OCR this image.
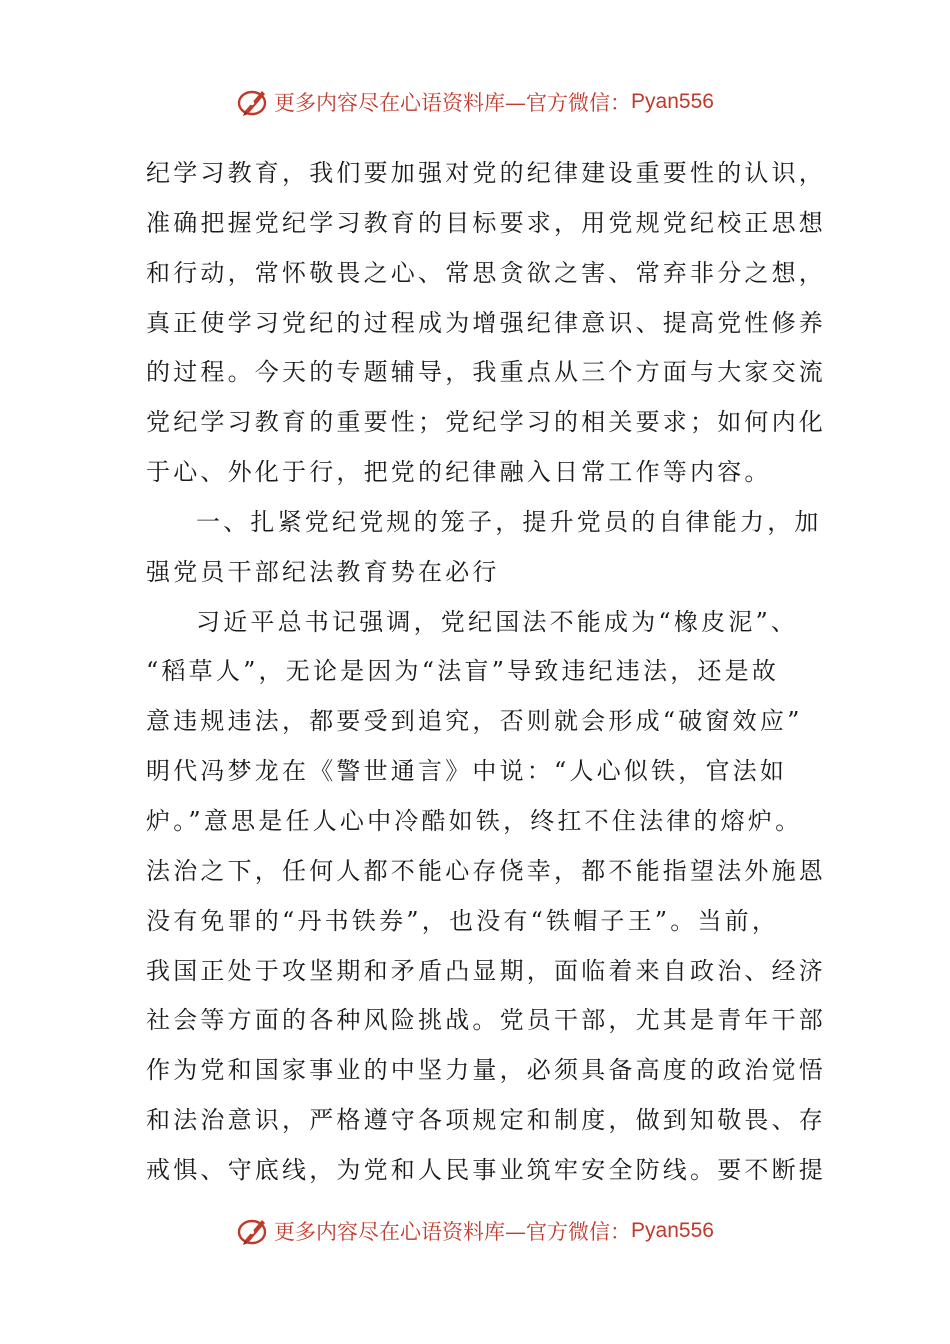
更多内容尽在心语资料库—官方微信： Pyan556
纪学习教育，我们要加强对党的纪律建设重要性的认识，
准确把握党纪学习教育的目标要求，用党规党纪校正思想
和行动，常怀敬畏之心、常思贪欲之害、常弃非分之想，
真正使学习党纪的过程成为增强纪律意识、提高党性修养
的过程。今天的专题辅导，我重点从三个方面与大家交流
党纪学习教育的重要性；党纪学习的相关要求；如何内化
于心、外化于行，把党的纪律融入日常工作等内容。
一、扎紧党纪党规的笼子，提升党员的自律能力，加
强党员干部纪法教育势在必行
习近平总书记强调，党纪国法不能成为“橡皮泥”、
“稻草人”，无论是因为“法盲”导致违纪违法，还是故
意违规违法，都要受到追究，否则就会形成“破窗效应”
明代冯梦龙在《警世通言》中说：“人心似铁，官法如
炉。”意思是任人心中冷酷如铁，终扛不住法律的熔炉。
法治之下，任何人都不能心存侥幸，都不能指望法外施恩
没有免罪的“丹书铁券”，也没有“铁帽子王”。当前，
我国正处于攻坚期和矛盾凸显期，面临着来自政治、经济
社会等方面的各种风险挑战。党员干部，尤其是青年干部
作为党和国家事业的中坚力量，必须具备高度的政治觉悟
和法治意识，严格遵守各项规定和制度，做到知敬畏、存
戒惧、守底线，为党和人民事业筑牢安全防线。要不断提
更多内容尽在心语资料库—官方微信： Pyan556
